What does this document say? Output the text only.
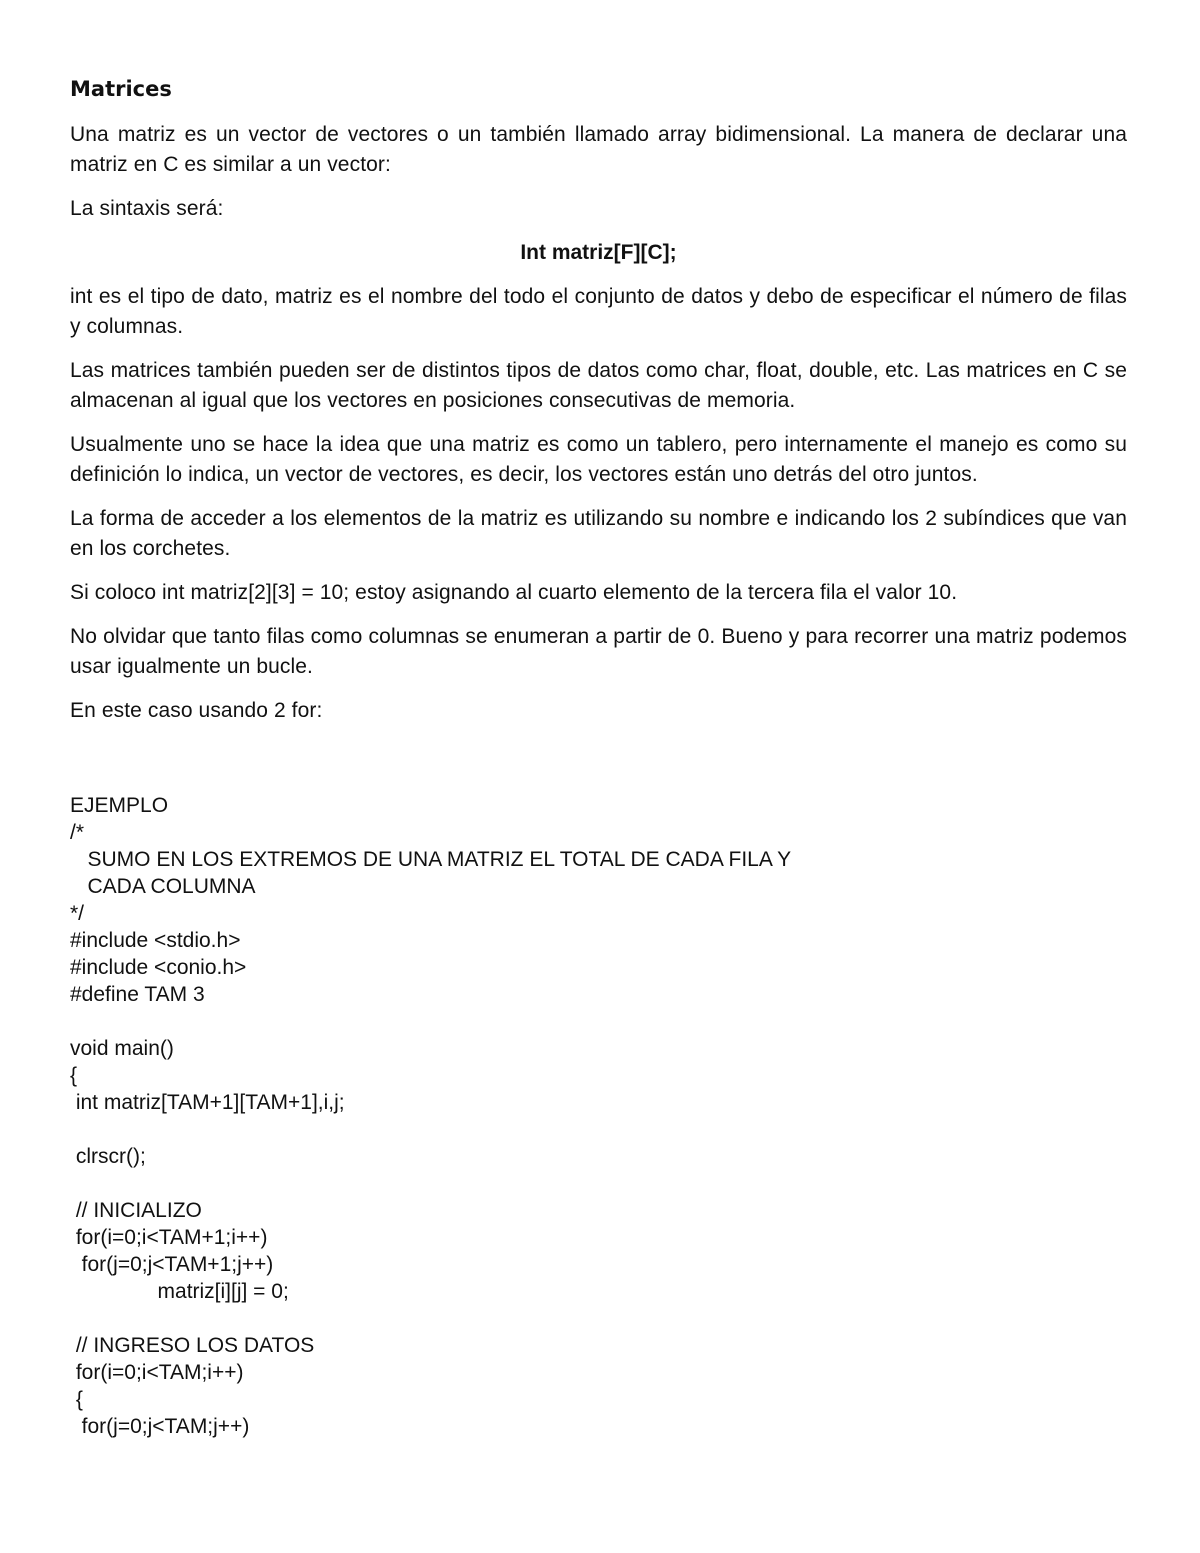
Matrices

Una matriz es un vector de vectores o un también llamado array bidimensional. La manera de declarar una matriz en C es similar a un vector:

La sintaxis será:

Int matriz[F][C];

int es el tipo de dato, matriz es el nombre del todo el conjunto de datos y debo de especificar el número de filas y columnas.

Las matrices también pueden ser de distintos tipos de datos como char, float, double, etc. Las matrices en C se almacenan al igual que los vectores en posiciones consecutivas de memoria.

Usualmente uno se hace la idea que una matriz es como un tablero, pero internamente el manejo es como su definición lo indica, un vector de vectores, es decir, los vectores están uno detrás del otro juntos.

La forma de acceder a los elementos de la matriz es utilizando su nombre e indicando los 2 subíndices que van en los corchetes.

Si coloco int matriz[2][3] = 10; estoy asignando al cuarto elemento de la tercera fila el valor 10.

No olvidar que tanto filas como columnas se enumeran a partir de 0. Bueno y para recorrer una matriz podemos usar igualmente un bucle.

En este caso usando 2 for:

EJEMPLO
/*
SUMO EN LOS EXTREMOS DE UNA MATRIZ EL TOTAL DE CADA FILA Y
CADA COLUMNA
*/
#include <stdio.h>
#include <conio.h>
#define TAM 3
void main()
{
int matriz[TAM+1][TAM+1],i,j;
clrscr();
// INICIALIZO
for(i=0;i<TAM+1;i++)
for(j=0;j<TAM+1;j++)
matriz[i][j] = 0;
// INGRESO LOS DATOS
for(i=0;i<TAM;i++)
{
for(j=0;j<TAM;j++)
